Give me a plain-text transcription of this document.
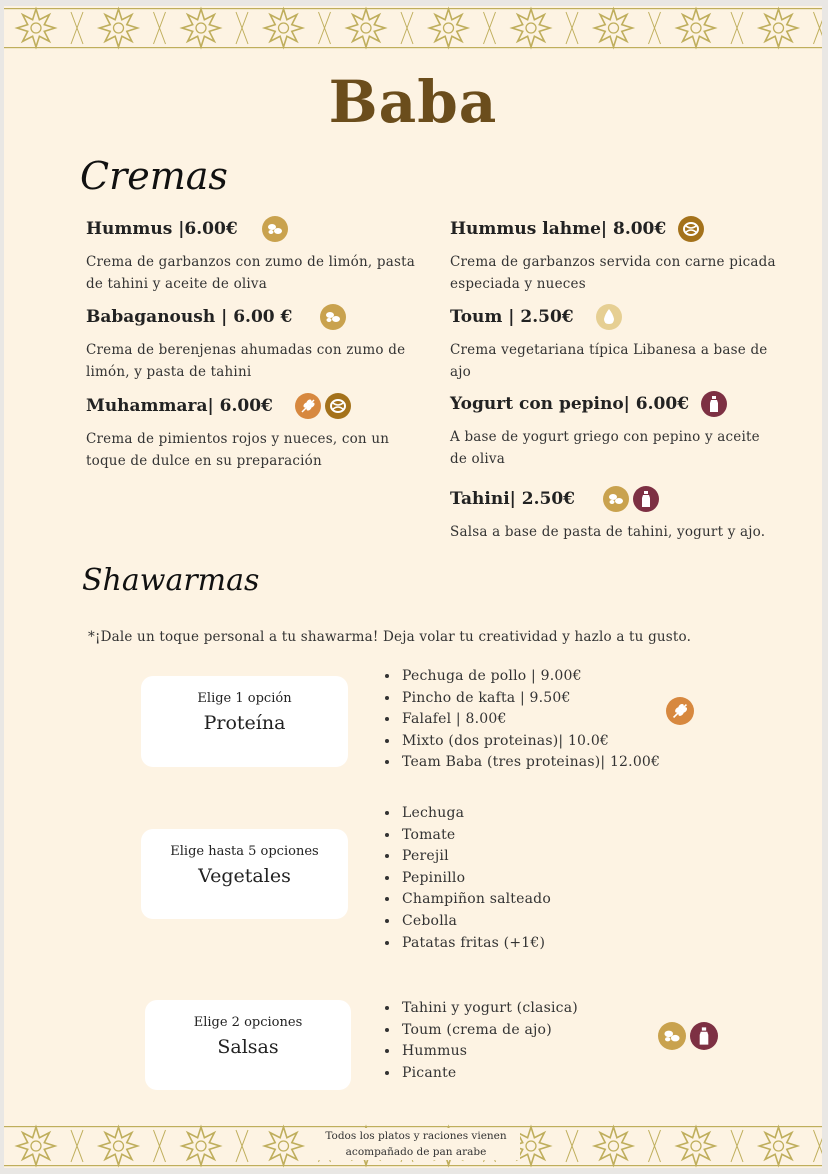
Baba
Cremas
Hummus |6.00€
Crema de garbanzos con zumo de limón, pasta de tahini y aceite de oliva
Babaganoush | 6.00 €
Crema de berenjenas ahumadas con zumo de limón, y pasta de tahini
Muhammara| 6.00€
Crema de pimientos rojos y nueces, con un toque de dulce en su preparación
Hummus lahme| 8.00€
Crema de garbanzos servida con carne picada especiada y nueces
Toum | 2.50€
Crema vegetariana típica Libanesa a base de ajo
Yogurt con pepino| 6.00€
A base de yogurt griego con pepino y aceite de oliva
Tahini| 2.50€
Salsa a base de pasta de tahini, yogurt y ajo.
Shawarmas
*¡Dale un toque personal a tu shawarma! Deja volar tu creatividad y hazlo a tu gusto.
Elige 1 opción
Proteína
• Pechuga de pollo | 9.00€
• Pincho de kafta | 9.50€
• Falafel | 8.00€
• Mixto (dos proteinas)| 10.0€
• Team Baba (tres proteinas)| 12.00€
Elige hasta 5 opciones
Vegetales
• Lechuga
• Tomate
• Perejil
• Pepinillo
• Champiñon salteado
• Cebolla
• Patatas fritas (+1€)
Elige 2 opciones
Salsas
• Tahini y yogurt (clasica)
• Toum (crema de ajo)
• Hummus
• Picante
Todos los platos y raciones vienen
acompañado de pan arabe
